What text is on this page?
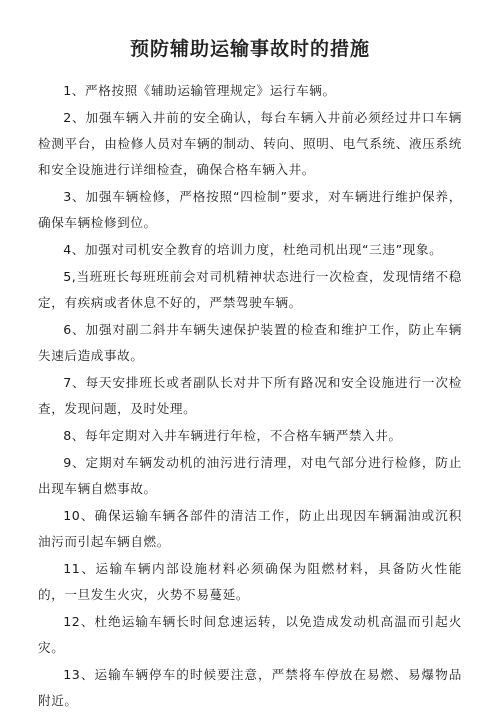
预防辅助运输事故时的措施

1、严格按照《辅助运输管理规定》运行车辆。

2、加强车辆入井前的安全确认，每台车辆入井前必须经过井口车辆检测平台，由检修人员对车辆的制动、转向、照明、电气系统、液压系统和安全设施进行详细检查，确保合格车辆入井。

3、加强车辆检修，严格按照“四检制”要求，对车辆进行维护保养，确保车辆检修到位。

4、加强对司机安全教育的培训力度，杜绝司机出现“三违”现象。

5,当班班长每班班前会对司机精神状态进行一次检查，发现情绪不稳定，有疾病或者休息不好的，严禁驾驶车辆。

6、加强对副二斜井车辆失速保护装置的检查和维护工作，防止车辆失速后造成事故。

7、每天安排班长或者副队长对井下所有路况和安全设施进行一次检查，发现问题，及时处理。

8、每年定期对入井车辆进行年检，不合格车辆严禁入井。

9、定期对车辆发动机的油污进行清理，对电气部分进行检修，防止出现车辆自燃事故。

10、确保运输车辆各部件的清洁工作，防止出现因车辆漏油或沉积油污而引起车辆自燃。

11、运输车辆内部设施材料必须确保为阻燃材料，具备防火性能的，一旦发生火灾，火势不易蔓延。

12、杜绝运输车辆长时间怠速运转，以免造成发动机高温而引起火灾。

13、运输车辆停车的时候要注意，严禁将车停放在易燃、易爆物品附近。
